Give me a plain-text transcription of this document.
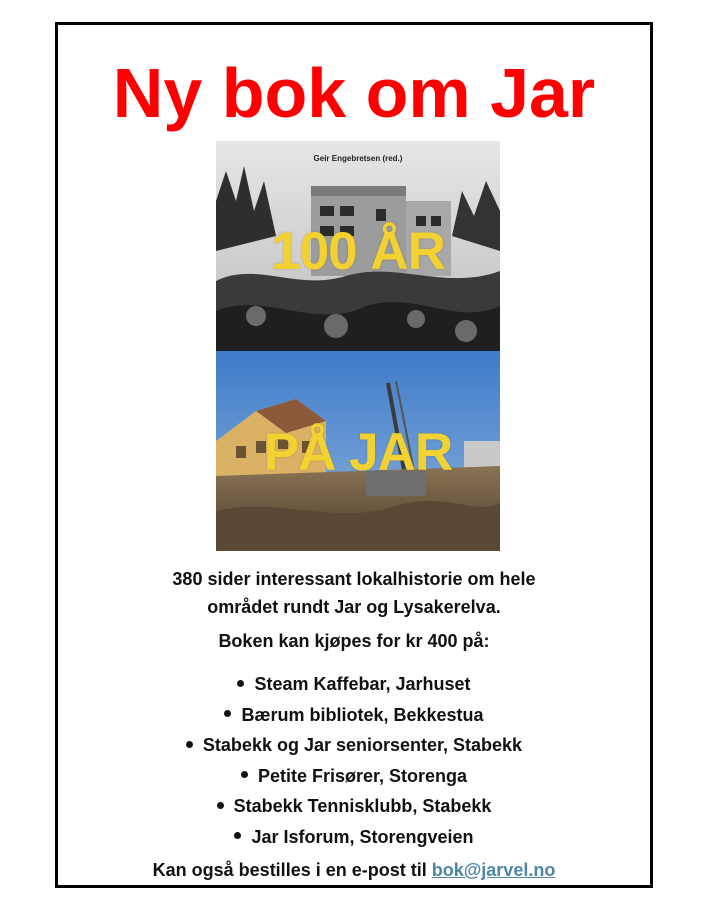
Ny bok om Jar
Geir Engebretsen (red.)
100 ÅR
PÅ JAR
380 sider interessant lokalhistorie om hele
området rundt Jar og Lysakerelva.
Boken kan kjøpes for kr 400 på:
Steam Kaffebar, Jarhuset
Bærum bibliotek, Bekkestua
Stabekk og Jar seniorsenter, Stabekk
Petite Frisører, Storenga
Stabekk Tennisklubb, Stabekk
Jar Isforum, Storengveien
Kan også bestilles i en e-post til bok@jarvel.no
